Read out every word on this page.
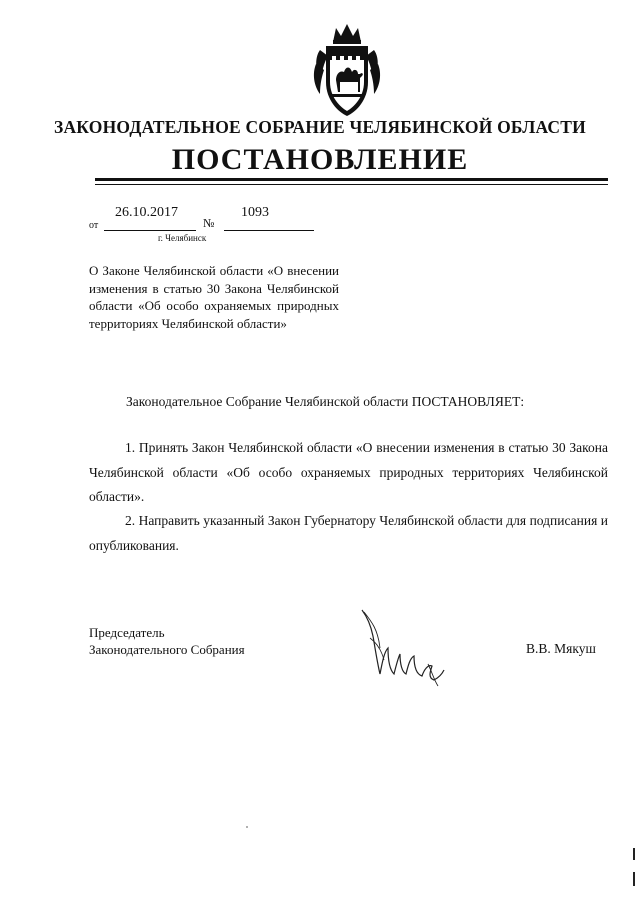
ЗАКОНОДАТЕЛЬНОЕ СОБРАНИЕ ЧЕЛЯБИНСКОЙ ОБЛАСТИ
ПОСТАНОВЛЕНИЕ
от
26.10.2017
№
1093
г. Челябинск
О Законе Челябинской области «О внесении изменения в статью 30 Закона Челябинской области «Об особо охраняемых природных территориях Челябинской области»
Законодательное Собрание Челябинской области ПОСТАНОВЛЯЕТ:
1. Принять Закон Челябинской области «О внесении изменения в статью 30 Закона Челябинской области «Об особо охраняемых природных территориях Челябинской области».
2. Направить указанный Закон Губернатору Челябинской области для подписания и опубликования.
Председатель
Законодательного Собрания	В.В. Мякуш
